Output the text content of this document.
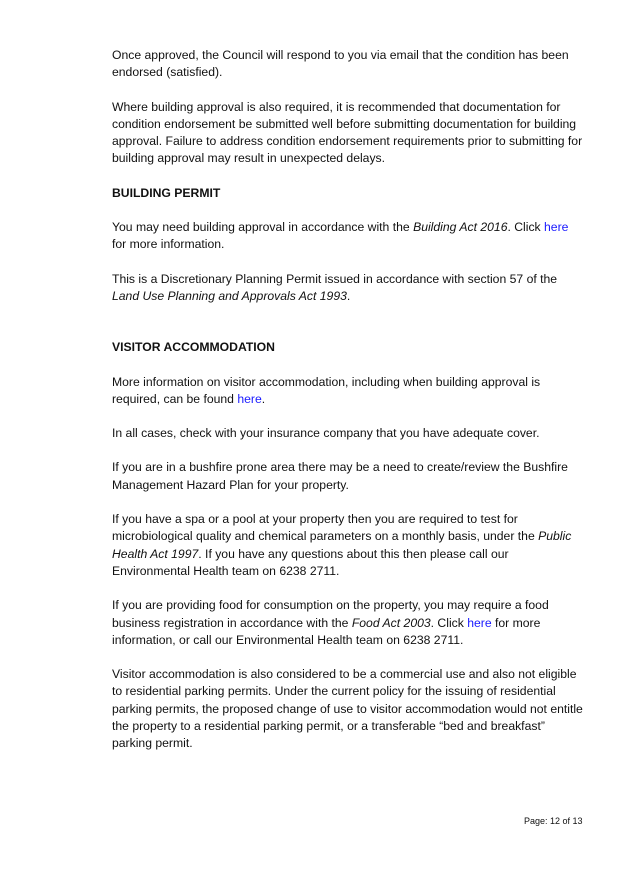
Once approved, the Council will respond to you via email that the condition has been endorsed (satisfied).

Where building approval is also required, it is recommended that documentation for condition endorsement be submitted well before submitting documentation for building approval. Failure to address condition endorsement requirements prior to submitting for building approval may result in unexpected delays.

BUILDING PERMIT

You may need building approval in accordance with the Building Act 2016. Click here for more information.

This is a Discretionary Planning Permit issued in accordance with section 57 of the Land Use Planning and Approvals Act 1993.

VISITOR ACCOMMODATION

More information on visitor accommodation, including when building approval is required, can be found here.

In all cases, check with your insurance company that you have adequate cover.

If you are in a bushfire prone area there may be a need to create/review the Bushfire Management Hazard Plan for your property.

If you have a spa or a pool at your property then you are required to test for microbiological quality and chemical parameters on a monthly basis, under the Public Health Act 1997. If you have any questions about this then please call our Environmental Health team on 6238 2711.

If you are providing food for consumption on the property, you may require a food business registration in accordance with the Food Act 2003. Click here for more information, or call our Environmental Health team on 6238 2711.

Visitor accommodation is also considered to be a commercial use and also not eligible to residential parking permits. Under the current policy for the issuing of residential parking permits, the proposed change of use to visitor accommodation would not entitle the property to a residential parking permit, or a transferable “bed and breakfast” parking permit.

Page: 12 of 13
